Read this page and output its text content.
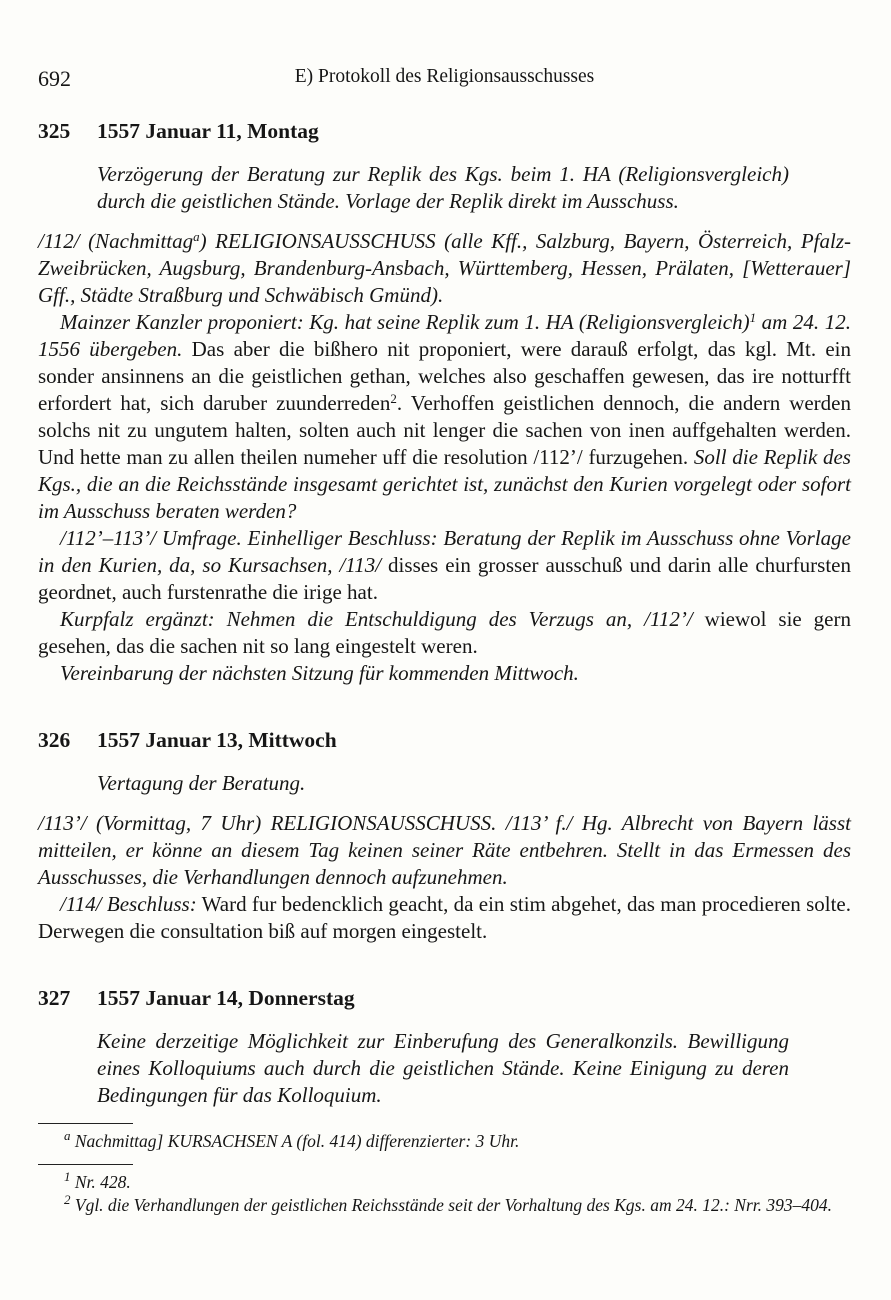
692	E) Protokoll des Religionsausschusses
325	1557 Januar 11, Montag

Verzögerung der Beratung zur Replik des Kgs. beim 1. HA (Religionsvergleich) durch die geistlichen Stände. Vorlage der Replik direkt im Ausschuss.

/112/ (Nachmittag$^a$) RELIGIONSAUSSCHUSS (alle Kff., Salzburg, Bayern, Österreich, Pfalz-Zweibrücken, Augsburg, Brandenburg-Ansbach, Württemberg, Hessen, Prälaten, [Wetterauer] Gff., Städte Straßburg und Schwäbisch Gmünd).

Mainzer Kanzler proponiert: Kg. hat seine Replik zum 1. HA (Religionsvergleich)$^1$ am 24. 12. 1556 übergeben. Das aber die bißhero nit proponiert, were darauß erfolgt, das kgl. Mt. ein sonder ansinnens an die geistlichen gethan, welches also geschaffen gewesen, das ire notturfft erfordert hat, sich daruber zuunderreden$^2$. Verhoffen geistlichen dennoch, die andern werden solchs nit zu ungutem halten, solten auch nit lenger die sachen von inen auffgehalten werden. Und hette man zu allen theilen numeher uff die resolution /112’/ furzugehen. Soll die Replik des Kgs., die an die Reichsstände insgesamt gerichtet ist, zunächst den Kurien vorgelegt oder sofort im Ausschuss beraten werden?

/112’–113’/ Umfrage. Einhelliger Beschluss: Beratung der Replik im Ausschuss ohne Vorlage in den Kurien, da, so Kursachsen, /113/ disses ein grosser ausschuß und darin alle churfursten geordnet, auch furstenrathe die irige hat.

Kurpfalz ergänzt: Nehmen die Entschuldigung des Verzugs an, /112’/ wiewol sie gern gesehen, das die sachen nit so lang eingestelt weren.

Vereinbarung der nächsten Sitzung für kommenden Mittwoch.

326	1557 Januar 13, Mittwoch

Vertagung der Beratung.

/113’/ (Vormittag, 7 Uhr) RELIGIONSAUSSCHUSS. /113’ f./ Hg. Albrecht von Bayern lässt mitteilen, er könne an diesem Tag keinen seiner Räte entbehren. Stellt in das Ermessen des Ausschusses, die Verhandlungen dennoch aufzunehmen.

/114/ Beschluss: Ward fur bedencklich geacht, da ein stim abgehet, das man procedieren solte. Derwegen die consultation biß auf morgen eingestelt.

327	1557 Januar 14, Donnerstag

Keine derzeitige Möglichkeit zur Einberufung des Generalkonzils. Bewilligung eines Kolloquiums auch durch die geistlichen Stände. Keine Einigung zu deren Bedingungen für das Kolloquium.

$^a$ Nachmittag] KURSACHSEN A (fol. 414) differenzierter: 3 Uhr.

$^1$ Nr. 428.

$^2$ Vgl. die Verhandlungen der geistlichen Reichsstände seit der Vorhaltung des Kgs. am 24. 12.: Nrr. 393–404.
